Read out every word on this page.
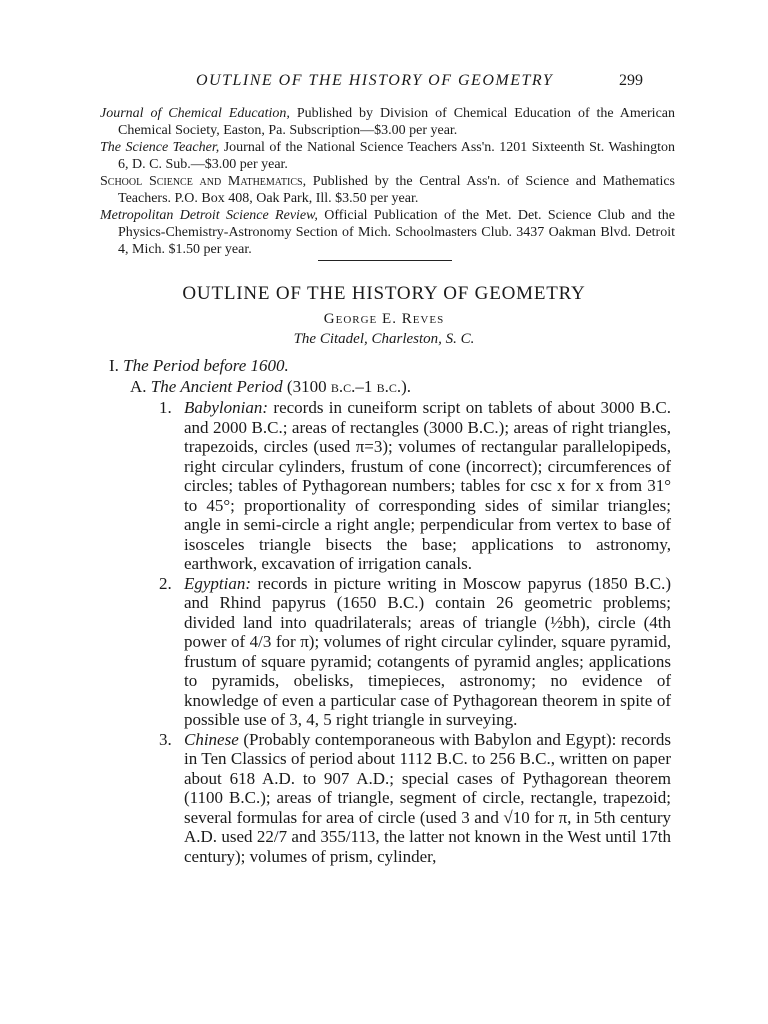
OUTLINE OF THE HISTORY OF GEOMETRY	299
Journal of Chemical Education, Published by Division of Chemical Education of the American Chemical Society, Easton, Pa. Subscription—$3.00 per year.
The Science Teacher, Journal of the National Science Teachers Ass'n. 1201 Sixteenth St. Washington 6, D. C. Sub.—$3.00 per year.
School Science and Mathematics, Published by the Central Ass'n. of Science and Mathematics Teachers. P.O. Box 408, Oak Park, Ill. $3.50 per year.
Metropolitan Detroit Science Review, Official Publication of the Met. Det. Science Club and the Physics-Chemistry-Astronomy Section of Mich. Schoolmasters Club. 3437 Oakman Blvd. Detroit 4, Mich. $1.50 per year.
OUTLINE OF THE HISTORY OF GEOMETRY
George E. Reves
The Citadel, Charleston, S. C.
I. The Period before 1600.
A. The Ancient Period (3100 b.c.–1 b.c.).
1. Babylonian: records in cuneiform script on tablets of about 3000 B.C. and 2000 B.C.; areas of rectangles (3000 B.C.); areas of right triangles, trapezoids, circles (used π=3); volumes of rectangular parallelopipeds, right circular cylinders, frustum of cone (incorrect); circumferences of circles; tables of Pythagorean numbers; tables for csc x for x from 31° to 45°; proportionality of corresponding sides of similar triangles; angle in semi-circle a right angle; perpendicular from vertex to base of isosceles triangle bisects the base; applications to astronomy, earthwork, excavation of irrigation canals.
2. Egyptian: records in picture writing in Moscow papyrus (1850 B.C.) and Rhind papyrus (1650 B.C.) contain 26 geometric problems; divided land into quadrilaterals; areas of triangle (½bh), circle (4th power of 4/3 for π); volumes of right circular cylinder, square pyramid, frustum of square pyramid; cotangents of pyramid angles; applications to pyramids, obelisks, timepieces, astronomy; no evidence of knowledge of even a particular case of Pythagorean theorem in spite of possible use of 3, 4, 5 right triangle in surveying.
3. Chinese (Probably contemporaneous with Babylon and Egypt): records in Ten Classics of period about 1112 B.C. to 256 B.C., written on paper about 618 A.D. to 907 A.D.; special cases of Pythagorean theorem (1100 B.C.); areas of triangle, segment of circle, rectangle, trapezoid; several formulas for area of circle (used 3 and √10 for π, in 5th century A.D. used 22/7 and 355/113, the latter not known in the West until 17th century); volumes of prism, cylinder,
